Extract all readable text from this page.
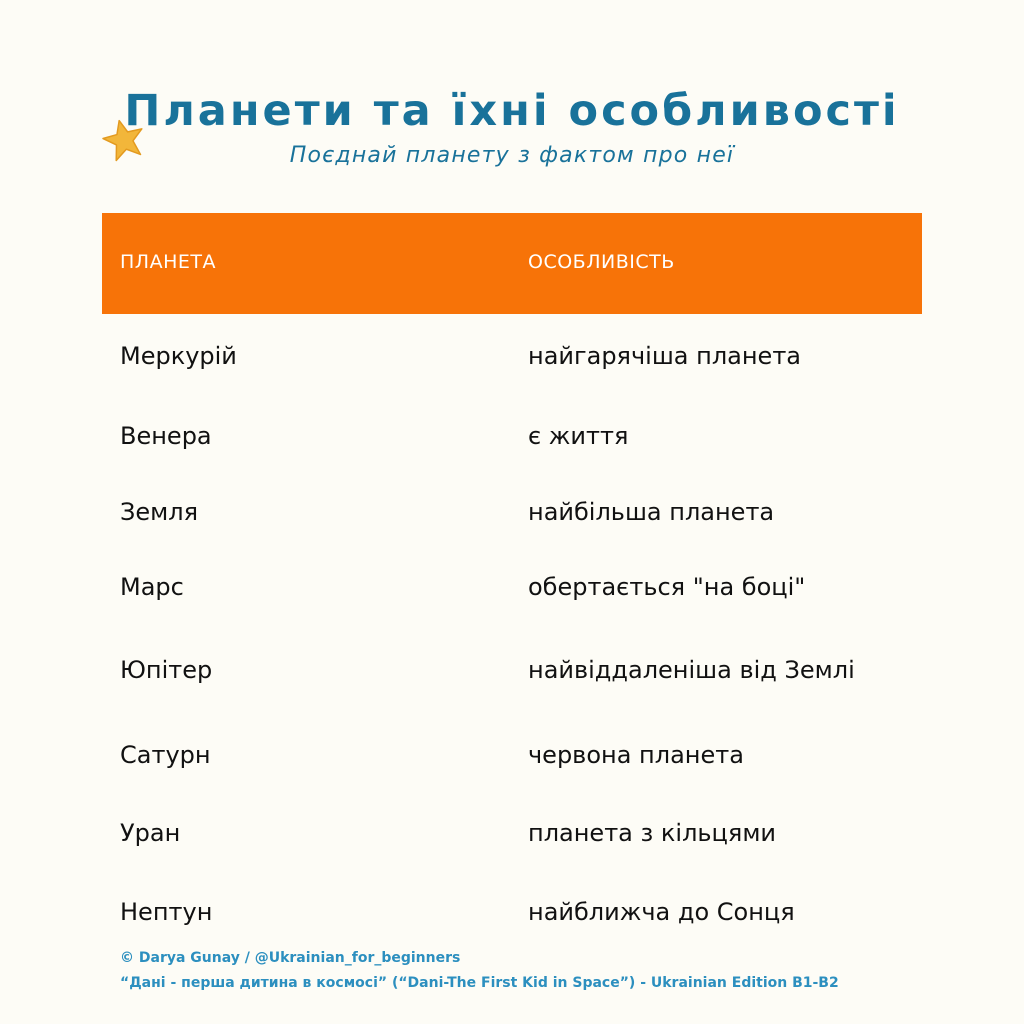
Планети та їхні особливості
Поєднай планету з фактом про неї
ПЛАНЕТА	ОСОБЛИВІСТЬ
Меркурій	найгарячіша планета
Венера	є життя
Земля	найбільша планета
Марс	обертається "на боці"
Юпітер	найвіддаленіша від Землі
Сатурн	червона планета
Уран	планета з кільцями
Нептун	найближча до Сонця
© Darya Gunay / @Ukrainian_for_beginners
“Дані - перша дитина в космосі” (“Dani-The First Kid in Space”) - Ukrainian Edition B1-B2
